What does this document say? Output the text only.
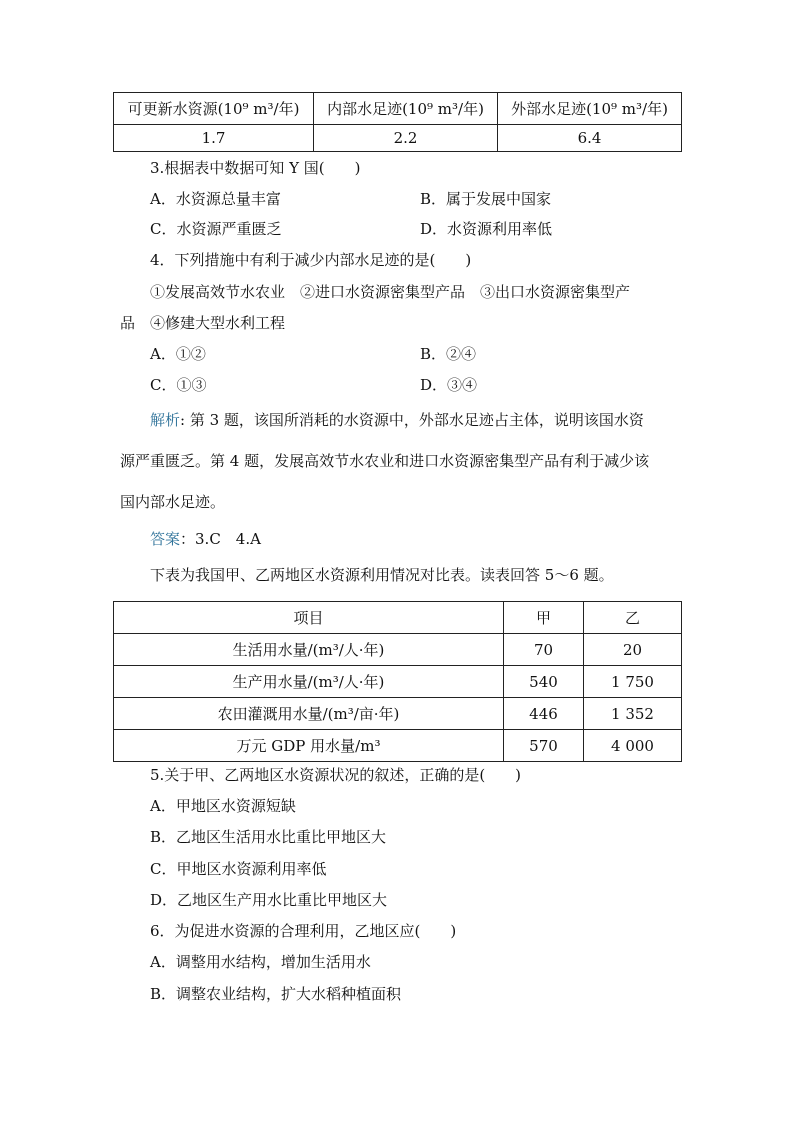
可更新水资源(10⁹ m³/年)	内部水足迹(10⁹ m³/年)	外部水足迹(10⁹ m³/年)
1.7	2.2	6.4
3.根据表中数据可知 Y 国(　　)
A．水资源总量丰富	B．属于发展中国家
C．水资源严重匮乏	D．水资源利用率低
4．下列措施中有利于减少内部水足迹的是(　　)
①发展高效节水农业　②进口水资源密集型产品　③出口水资源密集型产
品　④修建大型水利工程
A．①②	B．②④
C．①③	D．③④
解析: 第 3 题，该国所消耗的水资源中，外部水足迹占主体，说明该国水资
源严重匮乏。第 4 题，发展高效节水农业和进口水资源密集型产品有利于减少该
国内部水足迹。
答案：3.C　4.A
下表为我国甲、乙两地区水资源利用情况对比表。读表回答 5～6 题。
项目	甲	乙
生活用水量/(m³/人·年)	70	20
生产用水量/(m³/人·年)	540	1 750
农田灌溉用水量/(m³/亩·年)	446	1 352
万元 GDP 用水量/m³	570	4 000
5.关于甲、乙两地区水资源状况的叙述，正确的是(　　)
A．甲地区水资源短缺
B．乙地区生活用水比重比甲地区大
C．甲地区水资源利用率低
D．乙地区生产用水比重比甲地区大
6．为促进水资源的合理利用，乙地区应(　　)
A．调整用水结构，增加生活用水
B．调整农业结构，扩大水稻种植面积
